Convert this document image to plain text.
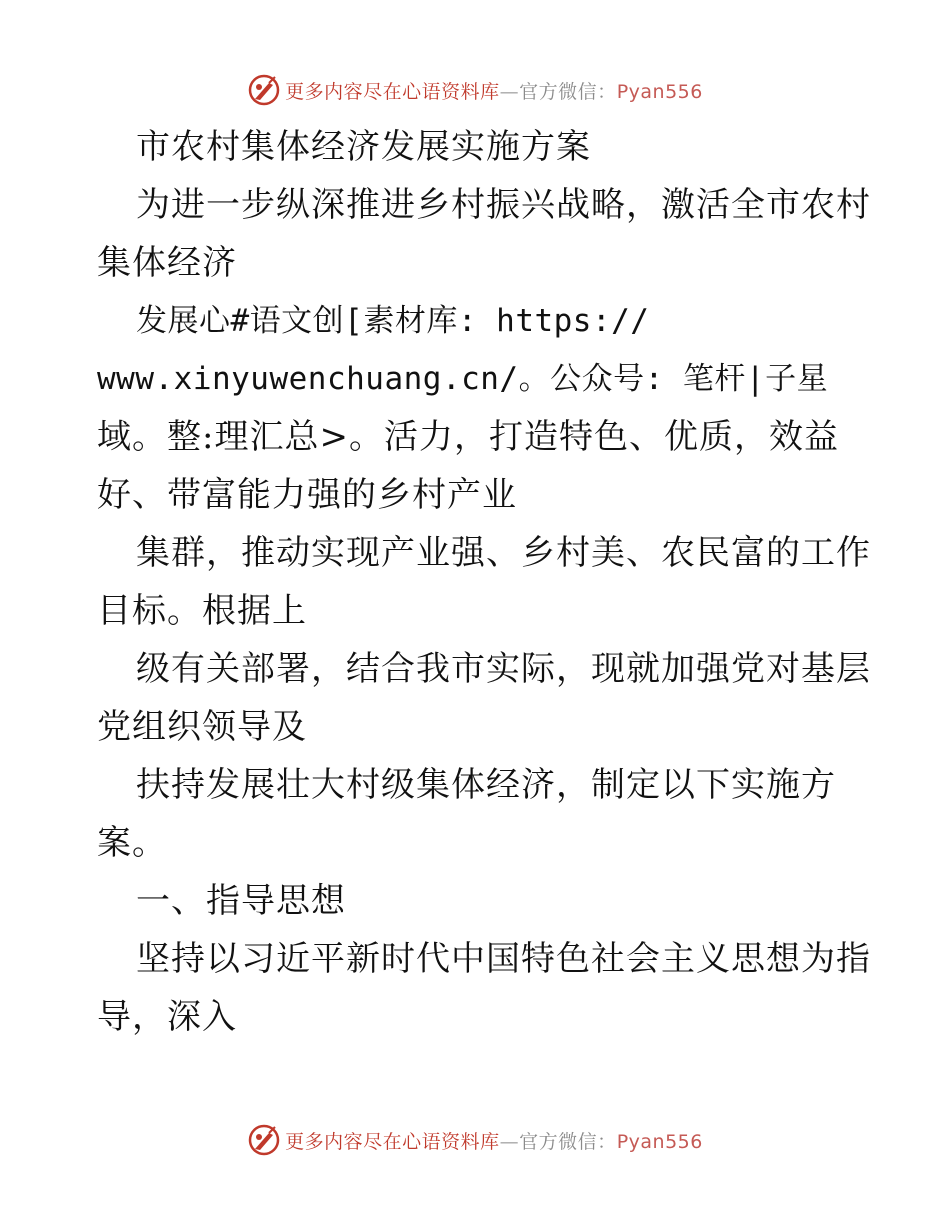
更多内容尽在心语资料库—官方微信：Pyan556
市农村集体经济发展实施方案
为进一步纵深推进乡村振兴战略，激活全市农村
集体经济
发展心#语文创[素材库: https://
www.xinyuwenchuang.cn/。公众号: 笔杆|子星
域。整:理汇总>。活力，打造特色、优质，效益
好、带富能力强的乡村产业
集群，推动实现产业强、乡村美、农民富的工作
目标。根据上
级有关部署，结合我市实际，现就加强党对基层
党组织领导及
扶持发展壮大村级集体经济，制定以下实施方
案。
一、指导思想
坚持以习近平新时代中国特色社会主义思想为指
导，深入
更多内容尽在心语资料库—官方微信：Pyan556
